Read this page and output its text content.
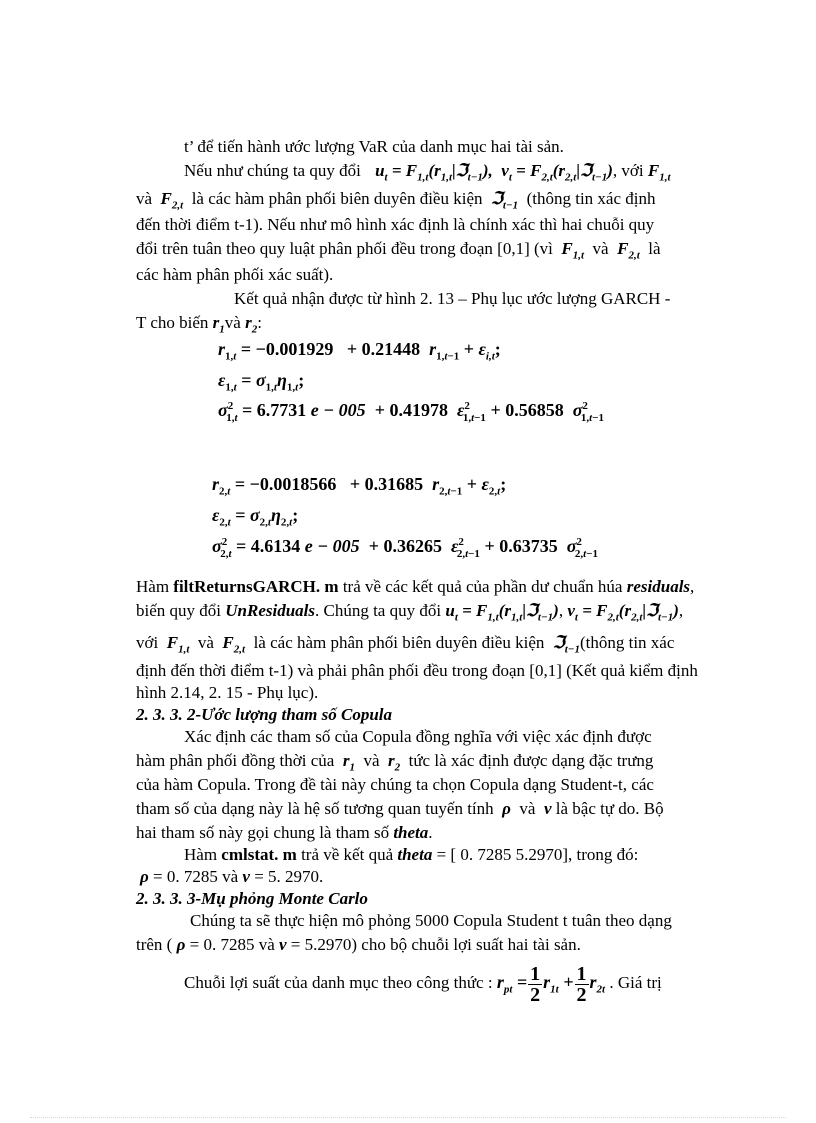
t’ để tiến hành ước lượng VaR của danh mục hai tài sản.
Nếu như chúng ta quy đổi $u_t$ = $F_{1,t}(r_{1,t}|ℑ_{t-1})$,  $v_t$ = $F_{2,t}(r_{2,t}|ℑ_{t-1})$, với $F_{1,t}$
và $F_{2,t}$ là các hàm phân phối biên duyên điều kiện ℑ$_{t-1}$ (thông tin xác định
đến thời điểm t-1). Nếu như mô hình xác định là chính xác thì hai chuỗi quy
đổi trên tuân theo quy luật phân phối đều trong đoạn [0,1] (vì $F_{1,t}$ và $F_{2,t}$ là
các hàm phân phối xác suất).
Kết quả nhận được từ hình 2. 13 – Phụ lục ước lượng GARCH -
T cho biến $r_1và$ $r_2$:
$r_{1,t} = -0.001929 + 0.21448$ $r_{1,t-1} + \varepsilon_{i,t}$;
$\varepsilon_{1,t} = \sigma_{1,t}\eta_{1,t}$;
$\sigma^2_{1,t} = 6.7731$ e − 005 + 0.41978 $\varepsilon^2_{1,t-1} + 0.56858$ $\sigma^2_{1,t-1}$
$r_{2,t} = -0.0018566 + 0.31685$ $r_{2,t-1} + \varepsilon_{2,t}$;
$\varepsilon_{2,t} = \sigma_{2,t}\eta_{2,t}$;
$\sigma^2_{2,t} = 4.6134$ e − 005 + 0.36265 $\varepsilon^2_{2,t-1} + 0.63735$ $\sigma^2_{2,t-1}$
Hàm filtReturnsGARCH. m trả về các kết quả của phần dư chuẩn húa residuals,
biến quy đổi UnResiduals. Chúng ta quy đổi $u_t$ = $F_{1,t}(r_{1,t}|ℑ_{t-1})$, $v_t$ = $F_{2,t}(r_{2,t}|ℑ_{t-1})$,
với $F_{1,t}$ và $F_{2,t}$ là các hàm phân phối biên duyên điều kiện ℑ$_{t-1}$(thông tin xác
định đến thời điểm t-1) và phải phân phối đều trong đoạn [0,1] (Kết quả kiểm định
hình 2.14, 2. 15 - Phụ lục).
2. 3. 3. 2-Ước lượng tham số Copula
Xác định các tham số của Copula đồng nghĩa với việc xác định được
hàm phân phối đồng thời của $r_1$ và $r_2$ tức là xác định được dạng đặc trưng
của hàm Copula. Trong đề tài này chúng ta chọn Copula dạng Student-t, các
tham số của dạng này là hệ số tương quan tuyến tính ρ và ν là bậc tự do. Bộ
hai tham số này gọi chung là tham số theta.
Hàm cmlstat. m trả về kết quả theta = [ 0. 7285 5.2970], trong đó:
ρ = 0. 7285 và ν = 5. 2970.
2. 3. 3. 3-Mụ phỏng Monte Carlo
Chúng ta sẽ thực hiện mô phỏng 5000 Copula Student t tuân theo dạng
trên ( ρ = 0. 7285 và ν = 5.2970) cho bộ chuỗi lợi suất hai tài sản.
Chuỗi lợi suất của danh mục theo công thức : $r_{pt} = \frac{1}{2} r_{1t} + \frac{1}{2} r_{2t}$ . Giá trị
